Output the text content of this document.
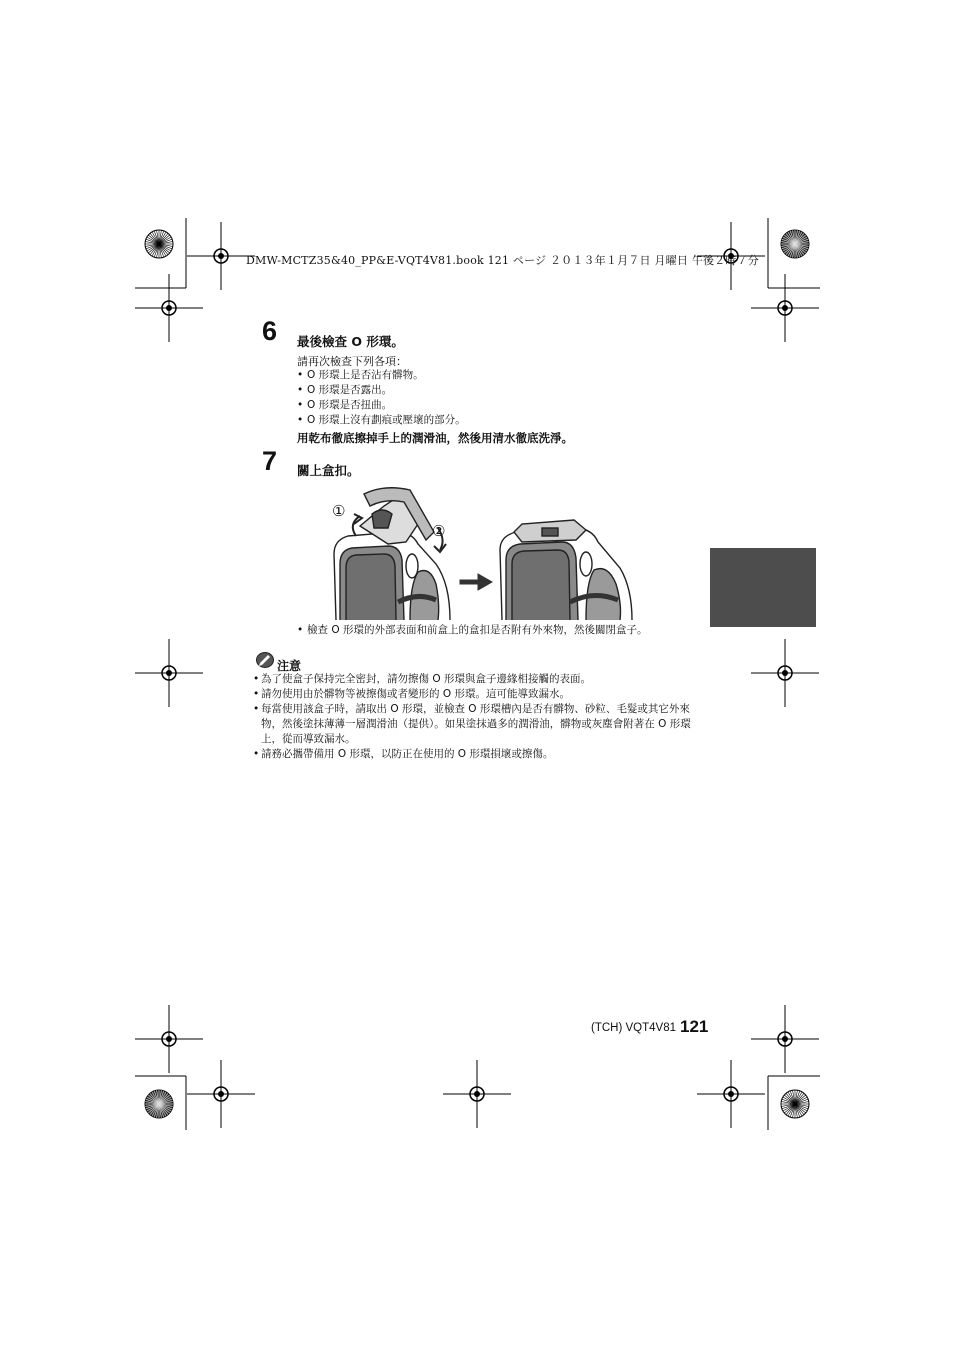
DMW-MCTZ35&40_PP&E-VQT4V81.book 121 ページ ２０１３年１月７日 月曜日 午後２時７分
6 最後檢查 O 形環。
請再次檢查下列各項：
• O 形環上是否沾有髒物。
• O 形環是否露出。
• O 形環是否扭曲。
• O 形環上沒有劃痕或壓壞的部分。
用乾布徹底擦掉手上的潤滑油，然後用清水徹底洗淨。
7 關上盒扣。
①
②
• 檢查 O 形環的外部表面和前盒上的盒扣是否附有外來物，然後關閉盒子。
注意
• 為了使盒子保持完全密封，請勿擦傷 O 形環與盒子邊緣相接觸的表面。
• 請勿使用由於髒物等被擦傷或者變形的 O 形環。這可能導致漏水。
• 每當使用該盒子時，請取出 O 形環，並檢查 O 形環槽內是否有髒物、砂粒、毛髮或其它外來物，然後塗抹薄薄一層潤滑油（提供）。如果塗抹過多的潤滑油，髒物或灰塵會附著在 O 形環上，從而導致漏水。
• 請務必攜帶備用 O 形環，以防正在使用的 O 形環損壞或擦傷。
(TCH) VQT4V81 121
